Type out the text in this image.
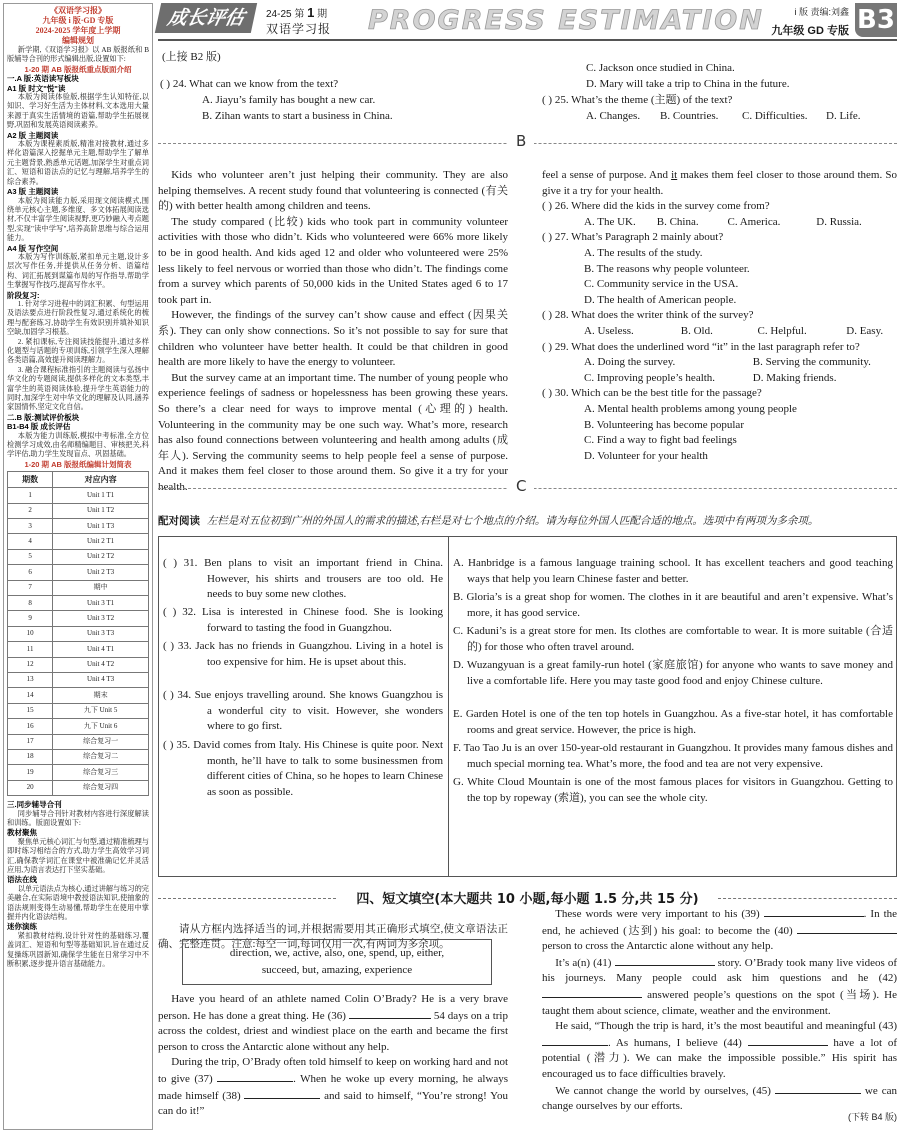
《双语学习报》
九年级 i 版·GD 专版
2024-2025 学年度上学期
编辑规划
新学期,《双语学习报》以 AB 版报纸和 B 版辅导合刊的形式编辑出版,设置如下:
1-20 期 AB 版报纸重点版面介绍
一.A 版:英语读写板块
A1 版 时文"悦"读
本版为阅读体验版,根据学生认知特征,以知识、学习好生活为主体材料,文本选用大量来源于真实生活情境的语篇,帮助学生拓展视野,巩固和发展英语阅读素养。
A2 版 主题阅读
本版为课程素质版,精准对接教材,通过多样化语篇深入挖掘单元主题,帮助学生了解单元主题背景,熟悉单元话题,加深学生对重点词汇、短语和语法点的记忆与理解,培养学生的综合素养。
A3 版 主题阅读
本版为阅读能力版,采用现文阅读模式,围绕单元核心主题,多维度、多文体拓展阅读选材,不仅丰富学生阅读视野,更巧妙融入考点题型,实现"读中学写",培养高阶思维与综合运用能力。
A4 版 写作空间
本版为写作训练版,紧扣单元主题,设计多层次写作任务,并提供从任务分析、语篇结构、词汇拓展到谋篇布局的写作指导,帮助学生掌握写作技巧,提高写作水平。
阶段复习:
1. 针对学习进程中的词汇积累、句型运用及语法要点进行阶段性复习,通过系统化的梳理与配套练习,协助学生有效识别并填补知识空缺,加固学习根基。
2. 紧扣课标,专注阅读技能提升,通过多样化题型与话题的专项训练,引领学生深入理解各类语篇,高效提升阅读理解力。
3. 融合课程标准指引的主题阅读与弘扬中华文化的专题阅读,提供多样化的文本类型,丰富学生的英语阅读体验,提升学生英语能力的同时,加深学生对中华文化的理解及认同,涵养家国情怀,坚定文化自信。
二.B 版:测试评价板块
B1-B4 版 成长评估
本版为能力训练版,模拟中考标准,全方位检测学习成效,由名师精编题目、审核把关,科学评估,助力学生发现盲点、巩固基础。
1-20 期 AB 版报纸编辑计划简表
期数	对应内容
1	Unit 1 T1
2	Unit 1 T2
3	Unit 1 T3
4	Unit 2 T1
5	Unit 2 T2
6	Unit 2 T3
7	期中
8	Unit 3 T1
9	Unit 3 T2
10	Unit 3 T3
11	Unit 4 T1
12	Unit 4 T2
13	Unit 4 T3
14	期末
15	九下 Unit 5
16	九下 Unit 6
17	综合复习一
18	综合复习二
19	综合复习三
20	综合复习四
三.同步辅导合刊
同步辅导合刊针对教材内容进行深度解读和训练。版面设置如下:
教材聚焦
聚焦单元核心词汇与句型,通过精准梳理与即时练习相结合的方式,助力学生高效学习词汇,确保教学词汇在课堂中被准确记忆并灵活应用,为语言表达打下坚实基础。
语法在线
以单元语法点为核心,通过讲解与练习的完美融合,在实际语境中教授语法知识,使抽象的语法规则变得生动易懂,帮助学生在使用中掌握并内化语法结构。
迷你演练
紧扣教材结构,设计针对性的基础练习,覆盖词汇、短语和句型等基础知识,旨在通过反复操练巩固新知,确保学生能在日常学习中不断积累,逐步提升语言基础能力。
成长评估	24-25 第 1 期
双语学习报 PROGRESS ESTIMATION	i 版 责编:刘鑫
九年级 GD 专版 B3
(上接 B2 版)
( ) 24. What can we know from the text?
A. Jiayu’s family has bought a new car.
B. Zihan wants to start a business in China.
C. Jackson once studied in China.
D. Mary will take a trip to China in the future.
( ) 25. What’s the theme (主题) of the text?
A. Changes. B. Countries. C. Difficulties. D. Life.
B

Kids who volunteer aren’t just helping their community. They are also helping themselves. A recent study found that volunteering is connected (有关的) with better health among children and teens.

The study compared (比较) kids who took part in community volunteer activities with those who didn’t. Kids who volunteered were 66% more likely to be in good health. And kids aged 12 and older who volunteered were 25% less likely to feel nervous or worried than those who didn’t. The findings come from a survey which parents of 50,000 kids in the United States aged 6 to 17 took part in.

However, the findings of the survey can’t show cause and effect (因果关系). They can only show connections. So it’s not possible to say for sure that children who volunteer have better health. It could be that children in good health are more likely to have the energy to volunteer.

But the survey came at an important time. The number of young people who experience feelings of sadness or hopelessness has been growing these years. So there’s a clear need for ways to improve mental (心理的) health. Volunteering in the community may be one such way. What’s more, research has also found connections between volunteering and health among adults (成年人). Serving the community seems to help people feel a sense of purpose. And it makes them feel closer to those around them. So give it a try for your health.

feel a sense of purpose. And it makes them feel closer to those around them. So give it a try for your health.

( ) 26. Where did the kids in the survey come from?
A. The UK. B. China.	C. America.	D. Russia.
( ) 27. What’s Paragraph 2 mainly about?
A. The results of the study.
B. The reasons why people volunteer.
C. Community service in the USA.
D. The health of American people.
( ) 28. What does the writer think of the survey?
A. Useless.	B. Old.	C. Helpful.	D. Easy.
( ) 29. What does the underlined word “it” in the last paragraph refer to?
A. Doing the survey.	B. Serving the community.
C. Improving people’s health.	D. Making friends.
( ) 30. Which can be the best title for the passage?
A. Mental health problems among young people
B. Volunteering has become popular
C. Find a way to fight bad feelings
D. Volunteer for your health
C
配对阅读 左栏是对五位初到广州的外国人的需求的描述,右栏是对七个地点的介绍。请为每位外国人匹配合适的地点。选项中有两项为多余项。
( ) 31. Ben plans to visit an important friend in China. However, his shirts and trousers are too old. He needs to buy some new clothes.
( ) 32. Lisa is interested in Chinese food. She is looking forward to tasting the food in Guangzhou.
( ) 33. Jack has no friends in Guangzhou. Living in a hotel is too expensive for him. He is upset about this.
( ) 34. Sue enjoys travelling around. She knows Guangzhou is a wonderful city to visit. However, she wonders where to go first.
( ) 35. David comes from Italy. His Chinese is quite poor. Next month, he’ll have to talk to some businessmen from different cities of China, so he hopes to learn Chinese as soon as possible.
A. Hanbridge is a famous language training school. It has excellent teachers and good teaching ways that help you learn Chinese faster and better.
B. Gloria’s is a great shop for women. The clothes in it are beautiful and aren’t expensive. What’s more, it has good service.
C. Kaduni’s is a great store for men. Its clothes are comfortable to wear. It is more suitable (合适的) for those who often travel around.
D. Wuzangyuan is a great family-run hotel (家庭旅馆) for anyone who wants to save money and live a comfortable life. Here you may taste good food and enjoy Chinese culture.
E. Garden Hotel is one of the ten top hotels in Guangzhou. As a five-star hotel, it has comfortable rooms and great service. However, the price is high.
F. Tao Tao Ju is an over 150-year-old restaurant in Guangzhou. It provides many famous dishes and much special morning tea. What’s more, the food and tea are not very expensive.
G. White Cloud Mountain is one of the most famous places for visitors in Guangzhou. Getting to the top by ropeway (索道), you can see the whole city.
四、短文填空(本大题共 10 小题,每小题 1.5 分,共 15 分)
请从方框内选择适当的词,并根据需要用其正确形式填空,使文章语法正确、完整连贯。注意:每空一词,每词仅用一次,有两词为多余项。
direction, we, active, also, one, spend, up, either,
succeed, but, amazing, experience

Have you heard of an athlete named Colin O’Brady? He is a very brave person. He has done a great thing. He (36)	54 days on a trip across the coldest, driest and windiest place on the earth and became the first person to cross the Antarctic alone without any help.

During the trip, O’Brady often told himself to keep on working hard and not to give (37)	. When he woke up every morning, he always made himself (38)	and said to himself, “You’re strong! You can do it!”

These words were very important to his (39)	. In the end, he achieved (达到) his goal: to become the (40)  person to cross the Antarctic alone without any help.

It’s a(n) (41)	story. O’Brady took many live videos of his journeys. Many people could ask him questions and he (42)  answered people’s questions on the spot (当场). He taught them about science, climate, weather and the environment.

He said, “Though the trip is hard, it’s the most beautiful and meaningful (43) . As humans, I believe (44)	have a lot of potential (潜力). We can make the impossible possible.” His spirit has encouraged us to face difficulties bravely.

We cannot change the world by ourselves, (45)	we can change ourselves by our efforts.

(下转 B4 版)
